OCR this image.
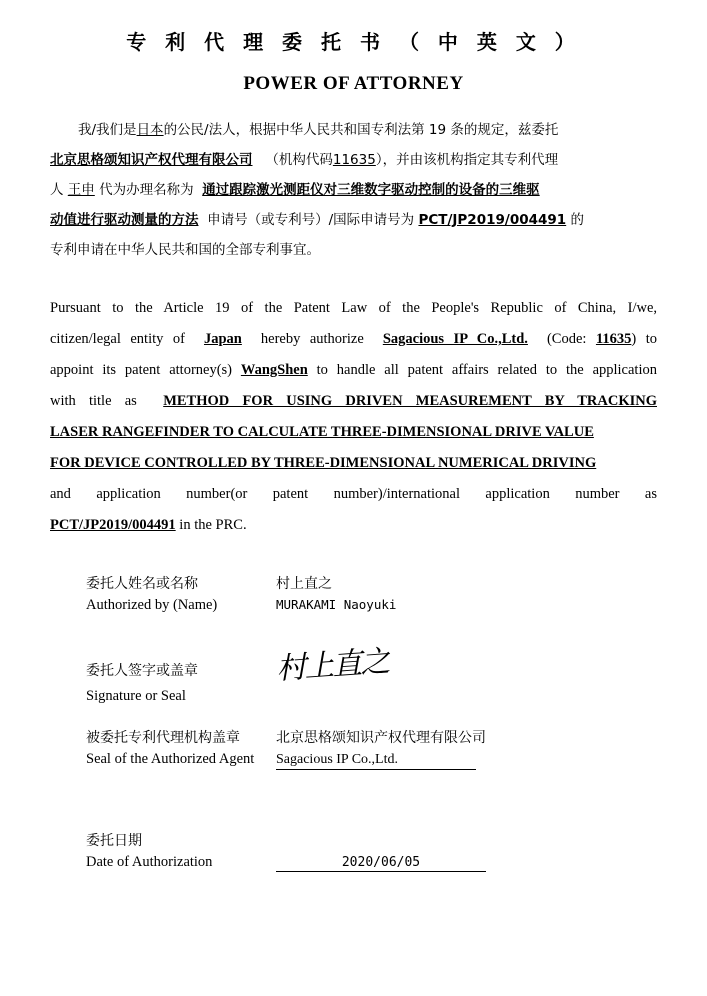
专 利 代 理 委 托 书 （ 中 英 文 ）
POWER OF ATTORNEY
我/我们是日本的公民/法人，根据中华人民共和国专利法第 19 条的规定，兹委托
北京思格颂知识产权代理有限公司 （机构代码11635），并由该机构指定其专利代理
人 王申 代为办理名称为 通过跟踪激光测距仪对三维数字驱动控制的设备的三维驱
动值进行驱动测量的方法 申请号（或专利号）/国际申请号为 PCT/JP2019/004491 的
专利申请在中华人民共和国的全部专利事宜。
Pursuant to the Article 19 of the Patent Law of the People's Republic of China, I/we,
citizen/legal entity of Japan hereby authorize Sagacious IP Co.,Ltd. (Code: 11635) to
appoint its patent attorney(s) WangShen to handle all patent affairs related to the application
with title as METHOD FOR USING DRIVEN MEASUREMENT BY TRACKING
LASER RANGEFINDER TO CALCULATE THREE-DIMENSIONAL DRIVE VALUE
FOR DEVICE CONTROLLED BY THREE-DIMENSIONAL NUMERICAL DRIVING
and application number(or patent number)/international application number as
PCT/JP2019/004491 in the PRC.
委托人姓名或名称	村上直之
Authorized by (Name)	MURAKAMI Naoyuki
委托人签字或盖章	村上直之
Signature or Seal
被委托专利代理机构盖章	北京思格颂知识产权代理有限公司
Seal of the Authorized Agent	Sagacious IP Co.,Ltd.
委托日期
Date of Authorization	2020/06/05
